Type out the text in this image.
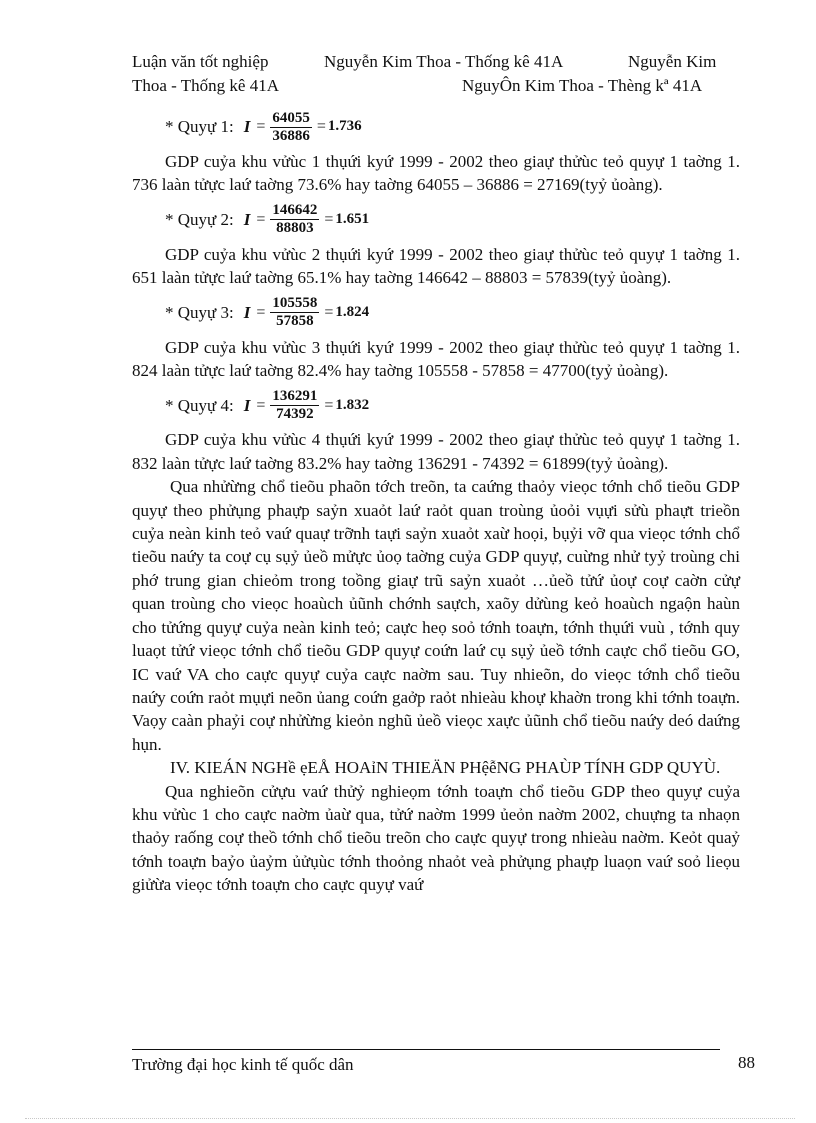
Luận văn tốt nghiệp	Nguyễn Kim Thoa - Thống kê 41A	Nguyễn Kim
Thoa - Thống kê 41A	NguyÔn Kim Thoa - Thèng kª 41A
* Quyự 1: $I = \frac{64055}{36886} = 1.736$

GDP cuỷa khu vửùc 1 thụứi kyứ 1999 - 2002 theo giaự thửùc teỏ quyự 1 taờng 1. 736 laàn tửực laứ taờng 73.6% hay taờng 64055 – 36886 = 27169(tyỷ ủoàng).

* Quyự 2: $I = \frac{146642}{88803} = 1.651$

GDP cuỷa khu vửùc 2 thụứi kyứ 1999 - 2002 theo giaự thửùc teỏ quyự 1 taờng 1. 651 laàn tửực laứ taờng 65.1% hay taờng 146642 – 88803 = 57839(tyỷ ủoàng).

* Quyự 3: $I = \frac{105558}{57858} = 1.824$

GDP cuỷa khu vửùc 3 thụứi kyứ 1999 - 2002 theo giaự thửùc teỏ quyự 1 taờng 1. 824 laàn tửực laứ taờng 82.4% hay taờng 105558 - 57858 = 47700(tyỷ ủoàng).

* Quyự 4: $I = \frac{136291}{74392} = 1.832$

GDP cuỷa khu vửùc 4 thụứi kyứ 1999 - 2002 theo giaự thửùc teỏ quyự 1 taờng 1. 832 laàn tửực laứ taờng 83.2% hay taờng 136291 - 74392 = 61899(tyỷ ủoàng).

Qua nhửừng chổ tieõu phaõn tớch treõn, ta caứng thaỏy vieọc tớnh chổ tieõu GDP quyự theo phửụng phaựp saỷn xuaỏt laứ raỏt quan troùng ủoỏi vụựi sửù phaựt trieồn cuỷa neàn kinh teỏ vaứ quaự trỡnh taựi saỷn xuaỏt xaừ hoọi, bụỷi vỡ qua vieọc tớnh chổ tieõu naứy ta coự cụ sụỷ ủeồ mửực ủoọ taờng cuỷa GDP quyự, cuừng nhử tyỷ troùng chi phớ trung gian chieỏm trong toồng giaự trũ saỷn xuaỏt …ủeồ tửứ ủoự coự caờn cửự quan troùng cho vieọc hoaùch ủũnh chớnh saựch, xaõy dửùng keỏ hoaùch ngaộn haùn cho tửứng quyự cuỷa neàn kinh teỏ; caực heọ soỏ tớnh toaựn, tớnh thụứi vuù , tớnh quy luaọt tửứ vieọc tớnh chổ tieõu GDP quyự coứn laứ cụ sụỷ ủeồ tớnh caực chổ tieõu GO, IC vaứ VA cho caực quyự cuỷa caực naờm sau. Tuy nhieõn, do vieọc tớnh chổ tieõu naứy coứn raỏt mụựi neõn ủang coứn gaởp raỏt nhieàu khoự khaờn trong khi tớnh toaựn. Vaọy caàn phaỷi coự nhửừng kieỏn nghũ ủeồ vieọc xaực ủũnh chổ tieõu naứy deó daứng hụn.

IV. KIEÁN NGHề ẹEÅ HOAỉN THIEÄN PHệễNG PHAÙP TÍNH GDP QUYÙ.

Qua nghieõn cửựu vaứ thửỷ nghieọm tớnh toaựn chổ tieõu GDP theo quyự cuỷa khu vửùc 1 cho caực naờm ủaừ qua, tửứ naờm 1999 ủeỏn naờm 2002, chuựng ta nhaọn thaỏy raống coự theồ tớnh chổ tieõu treõn cho caực quyự trong nhieàu naờm. Keỏt quaỷ tớnh toaựn baỷo ủaỷm ủửụùc tớnh thoỏng nhaỏt veà phửụng phaựp luaọn vaứ soỏ lieọu giửừa vieọc tớnh toaựn cho caực quyự vaứ

Trường đại học kinh tế quốc dân	88
